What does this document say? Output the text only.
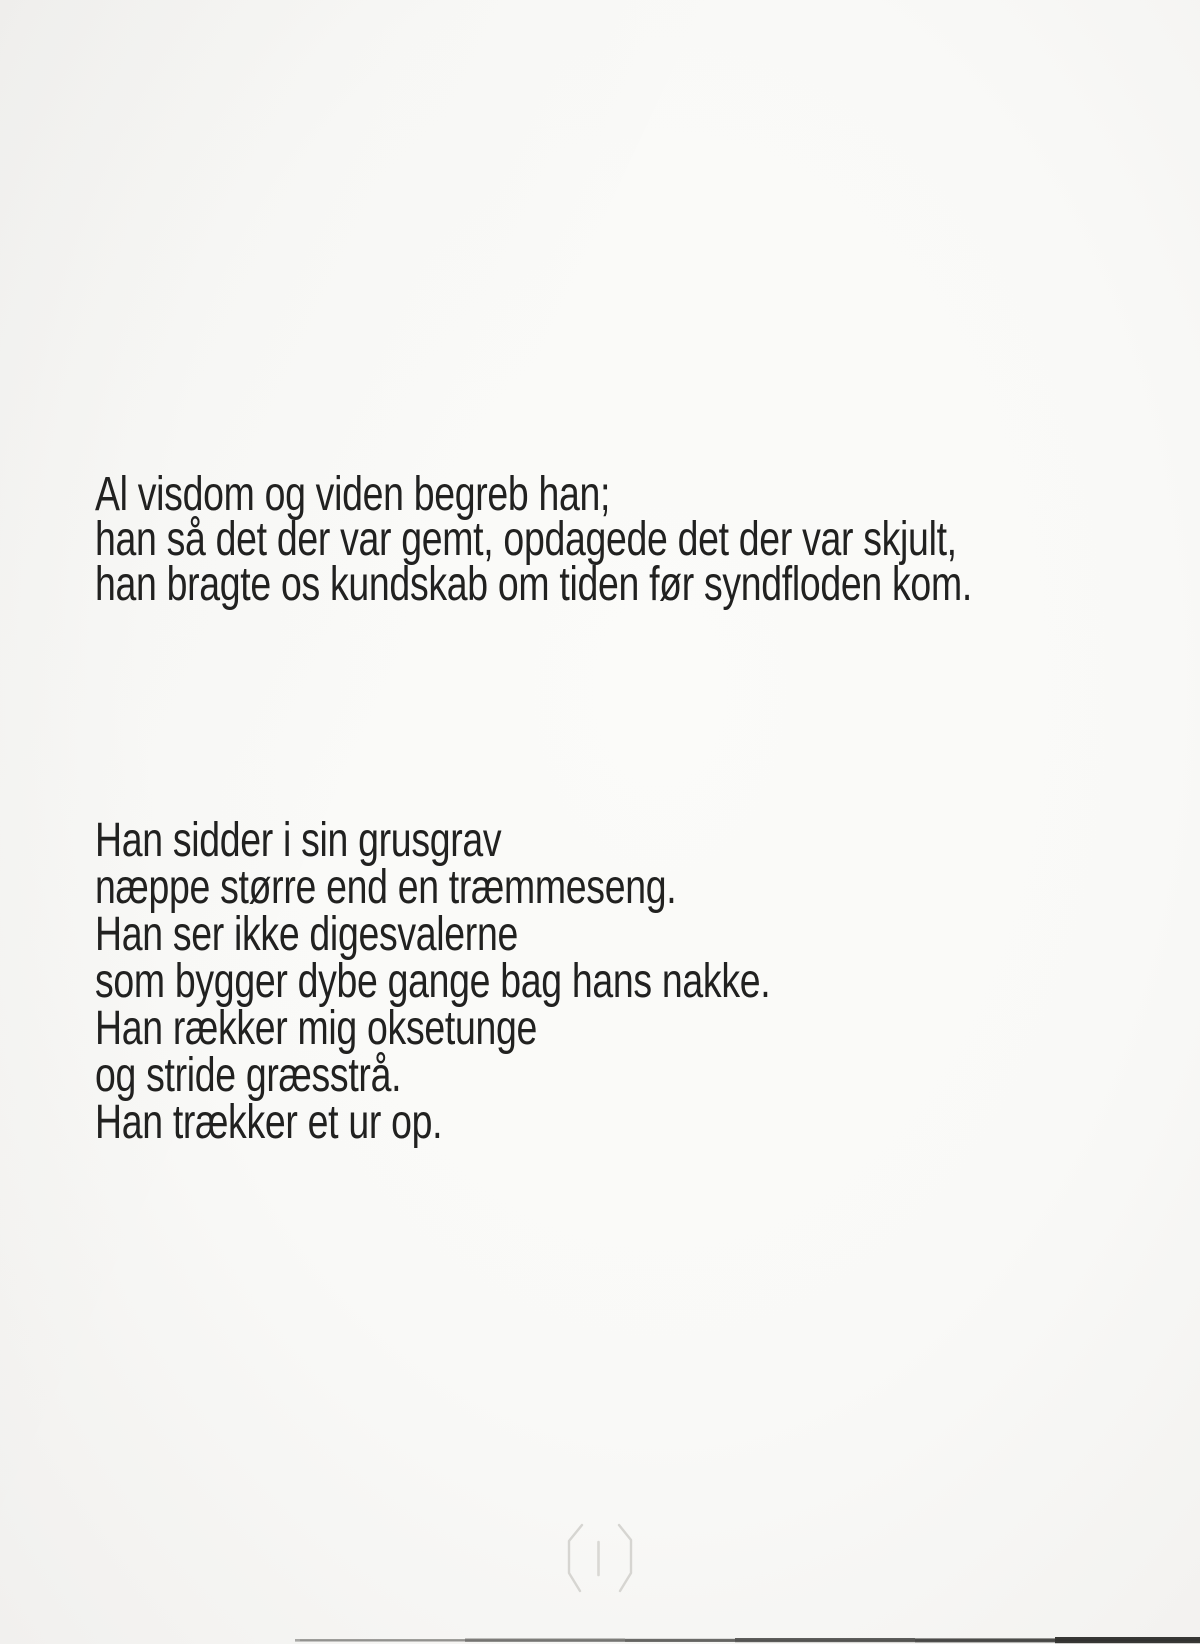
Al visdom og viden begreb han;
han så det der var gemt, opdagede det der var skjult,
han bragte os kundskab om tiden før syndfloden kom.
Han sidder i sin grusgrav
næppe større end en træmmeseng.
Han ser ikke digesvalerne
som bygger dybe gange bag hans nakke.
Han rækker mig oksetunge
og stride græsstrå.
Han trækker et ur op.
